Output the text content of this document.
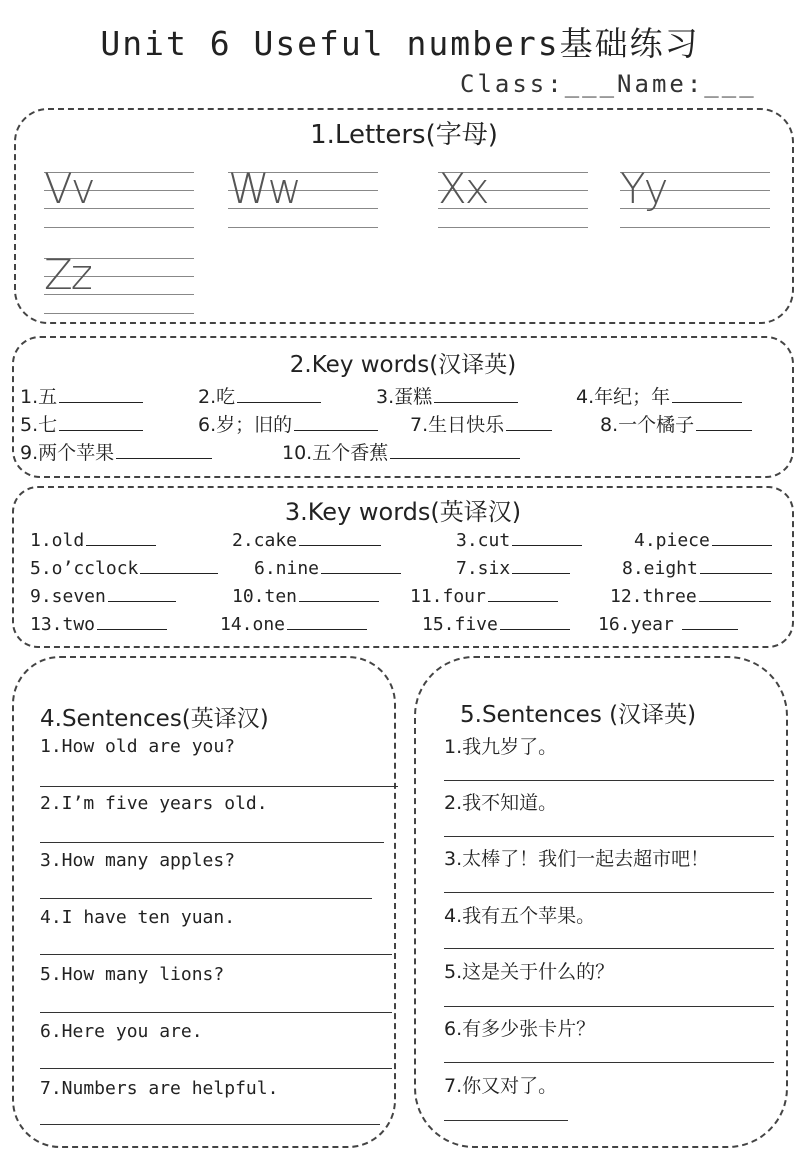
Unit 6 Useful numbers基础练习
Class:___Name:___
1.Letters(字母)
Vv	Ww	Xx	Yy
Zz
2.Key words(汉译英)
1.五	2.吃	3.蛋糕	4.年纪；年
5.七	6.岁；旧的	7.生日快乐	8.一个橘子
9.两个苹果	10.五个香蕉
3.Key words(英译汉)
1.old	2.cake	3.cut	4.piece
5.o’cclock	6.nine	7.six	8.eight
9.seven	10.ten	11.four	12.three
13.two	14.one	15.five	16.year
4.Sentences(英译汉)
1.How old are you?
2.I’m five years old.
3.How many apples?
4.I have ten yuan.
5.How many lions?
6.Here you are.
7.Numbers are helpful.
5.Sentences (汉译英)
1.我九岁了。
2.我不知道。
3.太棒了！我们一起去超市吧！
4.我有五个苹果。
5.这是关于什么的？
6.有多少张卡片？
7.你又对了。
